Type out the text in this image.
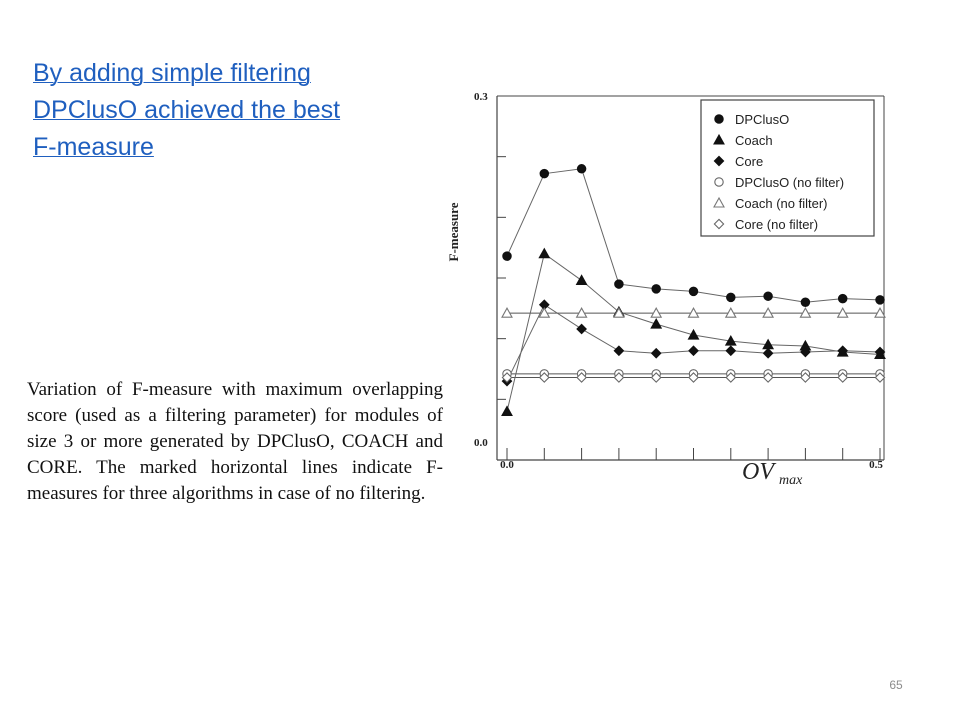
By adding simple filtering
DPClusO achieved the best
F-measure
Variation of F-measure with maximum overlapping score (used as a filtering parameter) for modules of size 3 or more generated by DPClusO, COACH and CORE. The marked horizontal lines indicate F-measures for three algorithms in case of no filtering.
65
DPClusO
Coach
Core
DPClusO (no filter)
Coach (no filter)
Core (no filter)
0.0
0.3
0.0	0.5
F-measure
OV max
